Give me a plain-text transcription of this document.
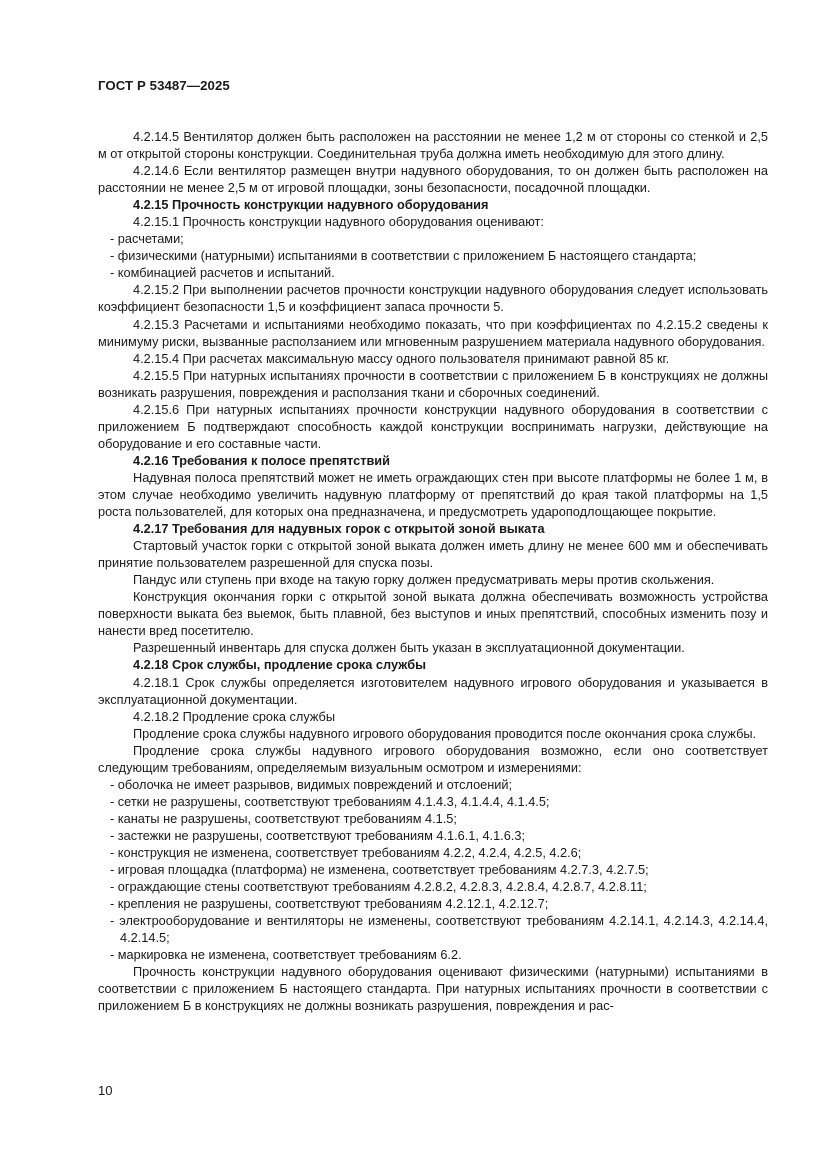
ГОСТ Р 53487—2025

4.2.14.5 Вентилятор должен быть расположен на расстоянии не менее 1,2 м от стороны со стенкой и 2,5 м от открытой стороны конструкции. Соединительная труба должна иметь необходимую для этого длину.

4.2.14.6 Если вентилятор размещен внутри надувного оборудования, то он должен быть расположен на расстоянии не менее 2,5 м от игровой площадки, зоны безопасности, посадочной площадки.

4.2.15 Прочность конструкции надувного оборудования

4.2.15.1 Прочность конструкции надувного оборудования оценивают:

- расчетами;

- физическими (натурными) испытаниями в соответствии с приложением Б настоящего стандарта;

- комбинацией расчетов и испытаний.

4.2.15.2 При выполнении расчетов прочности конструкции надувного оборудования следует использовать коэффициент безопасности 1,5 и коэффициент запаса прочности 5.

4.2.15.3 Расчетами и испытаниями необходимо показать, что при коэффициентах по 4.2.15.2 сведены к минимуму риски, вызванные расползанием или мгновенным разрушением материала надувного оборудования.

4.2.15.4 При расчетах максимальную массу одного пользователя принимают равной 85 кг.

4.2.15.5 При натурных испытаниях прочности в соответствии с приложением Б в конструкциях не должны возникать разрушения, повреждения и расползания ткани и сборочных соединений.

4.2.15.6 При натурных испытаниях прочности конструкции надувного оборудования в соответствии с приложением Б подтверждают способность каждой конструкции воспринимать нагрузки, действующие на оборудование и его составные части.

4.2.16 Требования к полосе препятствий

Надувная полоса препятствий может не иметь ограждающих стен при высоте платформы не более 1 м, в этом случае необходимо увеличить надувную платформу от препятствий до края такой платформы на 1,5 роста пользователей, для которых она предназначена, и предусмотреть удароподлощающее покрытие.

4.2.17 Требования для надувных горок с открытой зоной выката

Стартовый участок горки с открытой зоной выката должен иметь длину не менее 600 мм и обеспечивать принятие пользователем разрешенной для спуска позы.

Пандус или ступень при входе на такую горку должен предусматривать меры против скольжения.

Конструкция окончания горки с открытой зоной выката должна обеспечивать возможность устройства поверхности выката без выемок, быть плавной, без выступов и иных препятствий, способных изменить позу и нанести вред посетителю.

Разрешенный инвентарь для спуска должен быть указан в эксплуатационной документации.

4.2.18 Срок службы, продление срока службы

4.2.18.1 Срок службы определяется изготовителем надувного игрового оборудования и указывается в эксплуатационной документации.

4.2.18.2 Продление срока службы

Продление срока службы надувного игрового оборудования проводится после окончания срока службы.

Продление срока службы надувного игрового оборудования возможно, если оно соответствует следующим требованиям, определяемым визуальным осмотром и измерениями:

- оболочка не имеет разрывов, видимых повреждений и отслоений;

- сетки не разрушены, соответствуют требованиям 4.1.4.3, 4.1.4.4, 4.1.4.5;

- канаты не разрушены, соответствуют требованиям 4.1.5;

- застежки не разрушены, соответствуют требованиям 4.1.6.1, 4.1.6.3;

- конструкция не изменена, соответствует требованиям 4.2.2, 4.2.4, 4.2.5, 4.2.6;

- игровая площадка (платформа) не изменена, соответствует требованиям 4.2.7.3, 4.2.7.5;

- ограждающие стены соответствуют требованиям 4.2.8.2, 4.2.8.3, 4.2.8.4, 4.2.8.7, 4.2.8.11;

- крепления не разрушены, соответствуют требованиям 4.2.12.1, 4.2.12.7;

- электрооборудование и вентиляторы не изменены, соответствуют требованиям 4.2.14.1, 4.2.14.3, 4.2.14.4, 4.2.14.5;

- маркировка не изменена, соответствует требованиям 6.2.

Прочность конструкции надувного оборудования оценивают физическими (натурными) испытаниями в соответствии с приложением Б настоящего стандарта. При натурных испытаниях прочности в соответствии с приложением Б в конструкциях не должны возникать разрушения, повреждения и рас-

10
